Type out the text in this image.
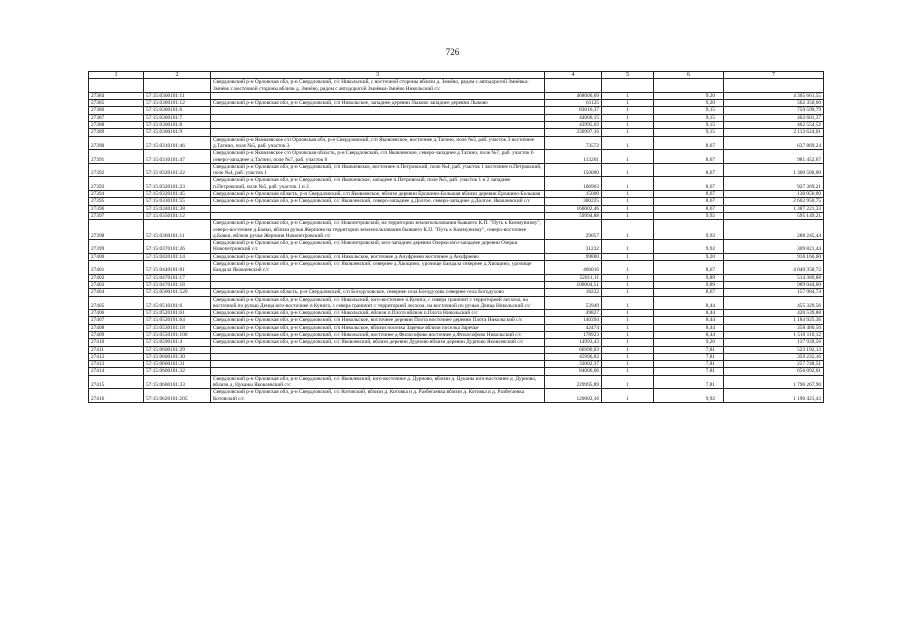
726
1	2	3	4	5	6	7
		Свердловский р-н Орловская обл, р-н Свердловский, с/с Никольский, с восточной стороны вблизи д. Змиёво, рядом с автодорогой Змиёвка-Змиёво с восточной стороны вблизи д. Змиёво, рядом с автодорогой Змиёвка-Змиёво Никольский с/с				
27384	57:15:0300101:11		468006,69	1	9,20	4 305 661,55
27385	57:15:0300101:12	Свердловский р-н Орловская обл, р-н Свердловский, с/п Никольское, западнее деревни Лыково западнее деревни Лыково	61125	1	9,20	562 350,00
27386	57:15:0300101:6		83016,37	1	9,15	759 599,79
27387	57:15:0300101:7		44000,15	1	9,15	402 601,37
27388	57:15:0300101:8		43995,03	1	9,15	402 554,52
27389	57:15:0300101:9		230997,16	1	9,15	2 113 624,01
27390	57:15:0310101:46	Свердловский р-н Яковлевское с/п Орловская обл, р-н Свердловский, с/п Яковлевское, восточнее д.Тагино, поле №5, раб. участок 3 восточнее д.Тагино, поле №5, раб. участок 3	73572	1	8,67	637 869,24
27391	57:15:0310101:47	Свердловский р-н Яковлевское с/п Орловская область, р-н Свердловский, с/п Яковлевское, северо-западнее д.Тагино, поле №7, раб. участок 6 северо-западнее д.Тагино, поле №7, раб. участок 6	113201	1	8,67	981 452,67
27392	57:15:0320101:22	Свердловский р-н Орловская обл, р-н Свердловский, с/п Яковлевское, восточнее п.Петровский, поле №4, раб. участок 1 восточнее п.Петровский, поле №4, раб. участок 1	150000	1	8,67	1 300 500,00
27393	57:15:0320101:23	Свердловский р-н Орловская обл, р-н Свердловский, с/п Яковлевское, западнее п.Петровский, поле №5, раб. участок 1 и 2 западнее п.Петровский, поле №5, раб. участок 1 и 2	106963	1	8,67	927 369,21
27394	57:15:0320101:45	Свердловский р-н Орловская область, р-н Свердловский, с/п Яковлевское, вблизи деревни Ерошино-Большая вблизи деревни Ерошино-Большая	15000	1	8,67	130 050,00
27395	57:15:0330101:55	Свердловский р-н Орловская обл, р-н Свердловский, с/с Яковлевский, северо-западнее д.Долгое. северо-западнее д.Долгое. Яковлевский с/с	300225	1	8,67	2 602 950,75
27396	57:15:0340101:38		160002,46	1	8,67	1 387 221,33
27397	57:15:0350101:12		59994,88	1	9,92	595 149,21
27398	57:15:0360101:11	Свердловский р-н Орловская обл, р-н Свердловский, с/с Новопетровский, на территории землепользования бывшего К.П. "Путь к Коммунизму", северо-восточнее д.Бояки, вблизи ручья Жерпиня на территории землепользования бывшего К.П. "Путь к Коммунизму", северо-восточнее д.Бояки, вблизи ручья Жерпиня Новопетровский с/с	29057	1	9,92	288 245,44
27399	57:15:0370101:26	Свердловский р-н Орловская обл, р-н Свердловский, с/с Новопетровский, юго-западнее деревни Озерки юго-западнее деревни Озерки Новопетровский с/с	31232	1	9,92	309 821,44
27400	57:15:0420101:14	Свердловский р-н Орловская обл, р-н Свердловский, с/п Никольское, восточнее д.Ануфриево восточнее д.Ануфриево	99800	1	9,20	918 160,00
27401	57:15:0440101:81	Свердловский р-н Орловская обл, р-н Свердловский, с/с Яковлевский, севернее д.Хвощино, урочище Бандала севернее д.Хвощино, урочище Бандала Яковлевский с/с	466016	1	8,67	4 040 358,72
27402	57:15:0470101:17		52011,11	1	9,89	514 389,88
27403	57:15:0470101:18		100004,51	1	9,89	989 044,60
27404	57:15:0500101:520	Свердловский р-н Орловская область, р-н Свердловский, с/п Богодуховское, севернее села Богодухово севернее села Богодухово	18222	1	8,67	157 984,74
27405	57:15:0510101:6	Свердловский р-н Орловская обл, р-н Свердловский, с/с Никольский, юго-восточнее п.Кунига, с севера граничит с территорией лесхоза, на восточной по ручью Денца юго-восточнее п.Кунига, с севера граничит с территорией лесхоза, на восточной по ручью Денца Никольский с/с	53949	1	8,44	455 329,56
27406	57:15:0520101:61	Свердловский р-н Орловская обл, р-н Свердловский, с/с Никольский, вблизи п.Плота вблизи п.Плота Никольский с/с	49827	1	8,44	420 539,88
27407	57:15:0520101:64	Свердловский р-н Орловская обл, р-н Свердловский, с/п Никольское, восточнее деревни Плота восточнее деревни Плота Никольский с/с	140394	1	8,44	1 184 925,36
27408	57:15:0530101:18	Свердловский р-н Орловская обл, р-н Свердловский, с/п Никольское, вблизи поселка Заречье вблизи поселка Заречье	42474	1	8,44	358 480,56
27409	57:15:0550101:100	Свердловский р-н Орловская обл, р-н Свердловский, с/с Никольский, восточнее д.Философово восточнее д.Философово Никольский с/с	178923	1	8,44	1 510 110,12
27410	57:15:0590101:4	Свердловский р-н Орловская обл, р-н Свердловский, с/с Яковлевский, вблизи деревни Дурново вблизи деревни Дурново Яковлевский с/с	14993,43	1	9,20	137 939,56
27411	57:15:0600101:29		66990,03	1	7,81	523 192,13
27412	57:15:0600101:30		45996,82	1	7,81	359 235,16
27413	57:15:0600101:31		33002,37	1	7,81	257 748,51
27414	57:15:0600101:32		84006,66	1	7,81	656 092,01
27415	57:15:0600101:33	Свердловский р-н Орловская обл, р-н Свердловский, с/с Яковлевский, юго-восточнее д. Дурново, вблизи д. Цуканы юго-восточнее д. Дурново, вблизи д. Цуканы Яковлевский с/с	229995,89	1	7,81	1 796 267,90
27416	57:15:0620101:205	Свердловский р-н Орловская обл, р-н Свердловский, с/с Котовский, вблизи д. Котовка и д. Разбегаевка вблизи д. Котовка и д. Разбегаевка Котовский с/с	120002,16	1	9,92	1 190 421,43
